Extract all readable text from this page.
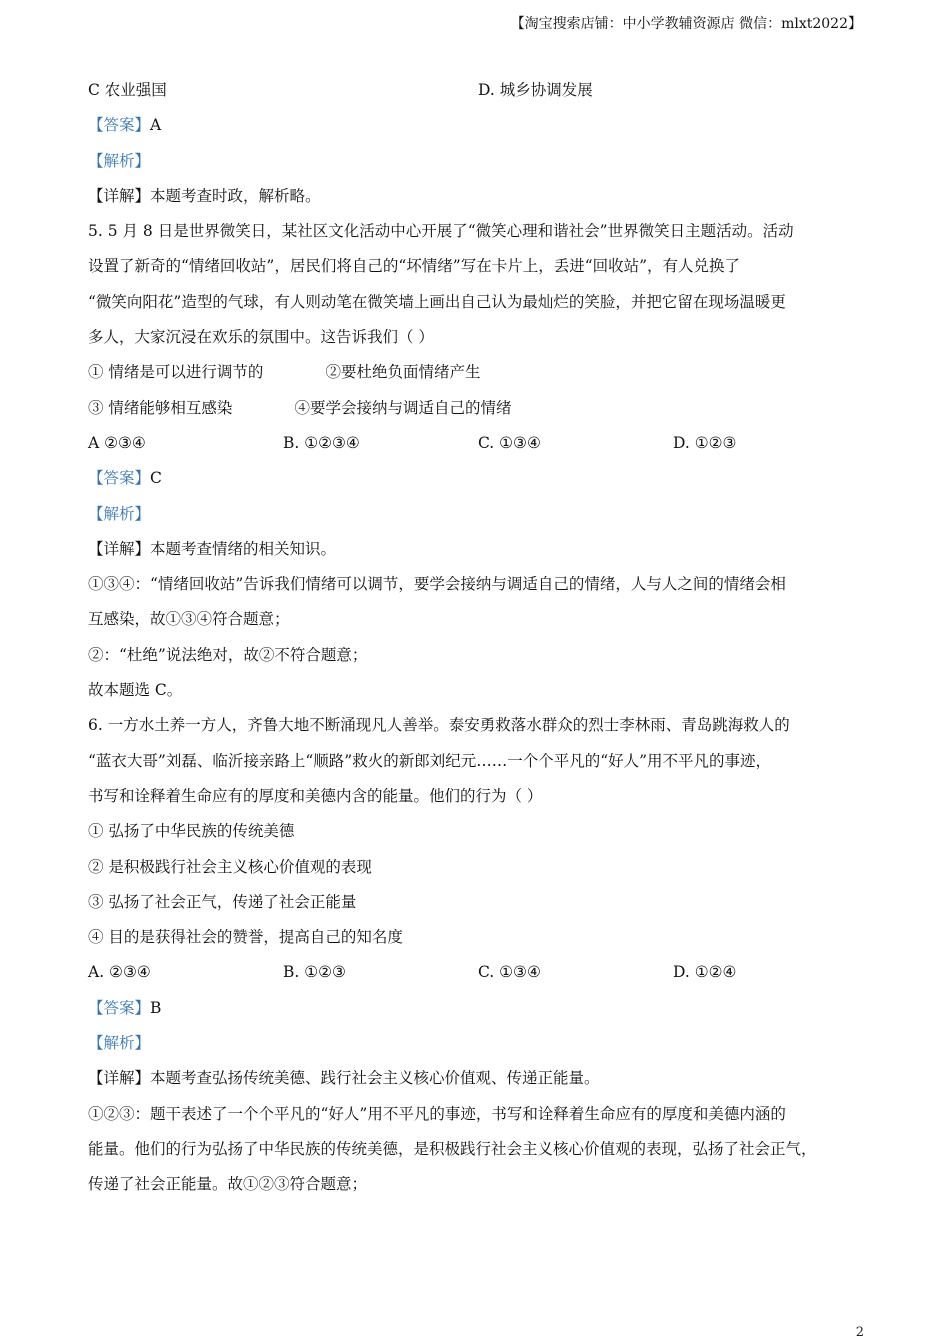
【淘宝搜索店铺：中小学教辅资源店 微信：mlxt2022】
C 农业强国	D. 城乡协调发展
【答案】A
【解析】
【详解】本题考查时政，解析略。
5. 5 月 8 日是世界微笑日，某社区文化活动中心开展了“微笑心理和谐社会”世界微笑日主题活动。活动
设置了新奇的“情绪回收站”，居民们将自己的“坏情绪”写在卡片上，丢进“回收站”，有人兑换了
“微笑向阳花”造型的气球，有人则动笔在微笑墙上画出自己认为最灿烂的笑脸，并把它留在现场温暖更
多人，大家沉浸在欢乐的氛围中。这告诉我们（ ）
① 情绪是可以进行调节的	②要杜绝负面情绪产生
③ 情绪能够相互感染	④要学会接纳与调适自己的情绪
A ②③④	B. ①②③④	C. ①③④	D. ①②③
【答案】C
【解析】
【详解】本题考查情绪的相关知识。
①③④：“情绪回收站”告诉我们情绪可以调节，要学会接纳与调适自己的情绪，人与人之间的情绪会相
互感染，故①③④符合题意；
②：“杜绝”说法绝对，故②不符合题意；
故本题选 C。
6. 一方水土养一方人，齐鲁大地不断涌现凡人善举。泰安勇救落水群众的烈士李林雨、青岛跳海救人的
“蓝衣大哥”刘磊、临沂接亲路上“顺路”救火的新郎刘纪元……一个个平凡的“好人”用不平凡的事迹，
书写和诠释着生命应有的厚度和美德内含的能量。他们的行为（ ）
① 弘扬了中华民族的传统美德
② 是积极践行社会主义核心价值观的表现
③ 弘扬了社会正气，传递了社会正能量
④ 目的是获得社会的赞誉，提高自己的知名度
A. ②③④	B. ①②③	C. ①③④	D. ①②④
【答案】B
【解析】
【详解】本题考查弘扬传统美德、践行社会主义核心价值观、传递正能量。
①②③：题干表述了一个个平凡的“好人”用不平凡的事迹，书写和诠释着生命应有的厚度和美德内涵的
能量。他们的行为弘扬了中华民族的传统美德，是积极践行社会主义核心价值观的表现，弘扬了社会正气，
传递了社会正能量。故①②③符合题意；
2
